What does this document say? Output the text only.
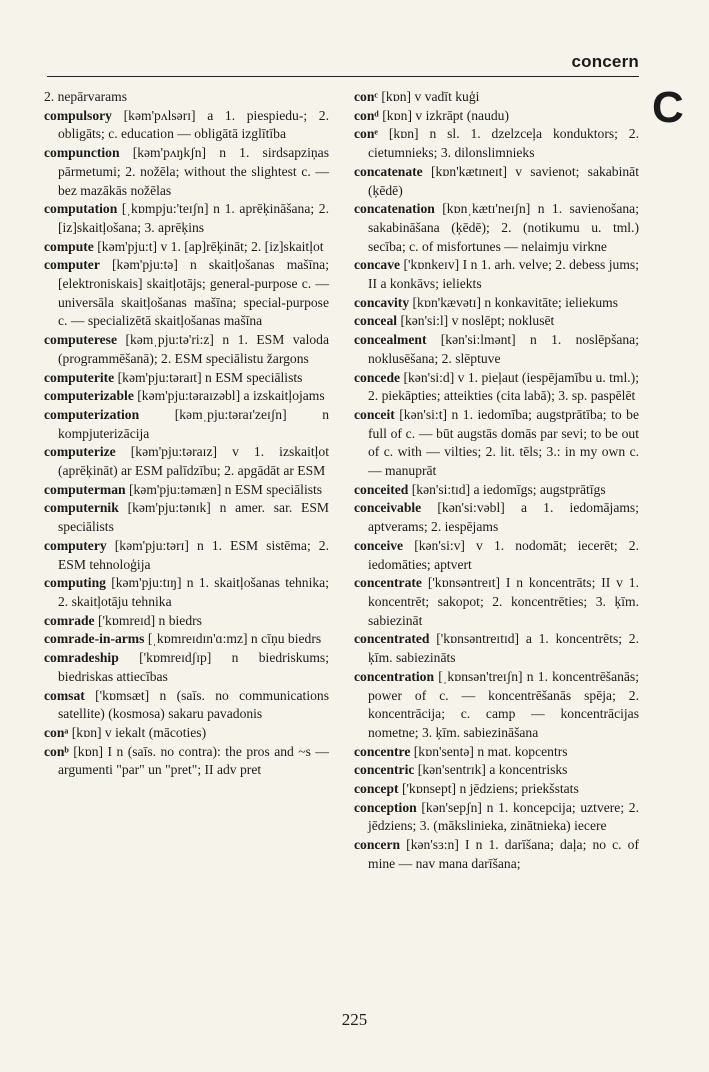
concern
C

2. nepārvarams

compulsory [kəm'pʌlsərɪ] a 1. piespiedu-; 2. obligāts; c. education — obligātā izglītība

compunction [kəm'pʌŋkʃn] n 1. sirdsapziņas pārmetumi; 2. nožēla; without the slightest c. — bez mazākās nožēlas

computation [ˌkɒmpju:'teɪʃn] n 1. aprēķināšana; 2. [iz]skaitļošana; 3. aprēķins

compute [kəm'pju:t] v 1. [ap]rēķināt; 2. [iz]skaitļot

computer [kəm'pju:tə] n skaitļošanas mašīna; [elektroniskais] skaitļotājs; general-purpose c. — universāla skaitļošanas mašīna; special-purpose c. — specializētā skaitļošanas mašīna

computerese [kəmˌpju:tə'ri:z] n 1. ESM valoda (programmēšanā); 2. ESM speciālistu žargons

computerite [kəm'pju:təraɪt] n ESM speciālists

computerizable [kəm'pju:təraɪzəbl] a izskaitļojams

computerization	[kəmˌpju:təraɪ'zeɪʃn] n kompjuterizācija

computerize [kəm'pju:təraɪz] v 1. izskaitļot (aprēķināt) ar ESM palīdzību; 2. apgādāt ar ESM

computerman [kəm'pju:təmæn] n ESM speciālists

computernik [kəm'pju:tənɪk] n amer. sar. ESM speciālists

computery [kəm'pju:tərɪ] n 1. ESM sistēma; 2. ESM tehnoloģija

computing [kəm'pju:tɪŋ] n 1. skaitļošanas tehnika; 2. skaitļotāju tehnika

comrade ['kɒmreɪd] n biedrs

comrade-in-arms [ˌkɒmreɪdɪn'ɑ:mz] n cīņu biedrs

comradeship ['kɒmreɪdʃɪp] n biedriskums; biedriskas attiecības

comsat ['kɒmsæt] n (saīs. no communications satellite) (kosmosa) sakaru pavadonis

conᵃ [kɒn] v iekalt (mācoties)

conᵇ [kɒn] I n (saīs. no contra): the pros and ~s — argumenti "par" un "pret"; II adv pret

conᶜ [kɒn] v vadīt kuģi

conᵈ [kɒn] v izkrāpt (naudu)

conᵉ [kɒn] n sl. 1. dzelzceļa konduktors; 2. cietumnieks; 3. dilonslimnieks

concatenate [kɒn'kætɪneɪt] v savienot; sakabināt (ķēdē)

concatenation [kɒnˌkætɪ'neɪʃn] n 1. savienošana; sakabināšana (ķēdē); 2. (notikumu u. tml.) secība; c. of misfortunes — nelaimju virkne

concave ['kɒnkeɪv] I n 1. arh. velve; 2. debess jums; II a konkāvs; ieliekts

concavity [kɒn'kævətɪ] n konkavitāte; ieliekums

conceal [kən'si:l] v noslēpt; noklusēt

concealment [kən'si:lmənt] n 1. noslēpšana; noklusēšana; 2. slēptuve

concede [kən'si:d] v 1. pieļaut (iespējamību u. tml.); 2. piekāpties; atteikties (cita labā); 3. sp. paspēlēt

conceit [kən'si:t] n 1. iedomība; augstprātība; to be full of c. — būt augstās domās par sevi; to be out of c. with — vilties; 2. lit. tēls; 3.: in my own c. — manuprāt

conceited [kən'si:tɪd] a iedomīgs; augstprātīgs

conceivable [kən'si:vəbl] a 1. iedomājams; aptverams; 2. iespējams

conceive [kən'si:v] v 1. nodomāt; iecerēt; 2. iedomāties; aptvert

concentrate ['kɒnsəntreɪt] I n koncentrāts; II v 1. koncentrēt; sakopot; 2. koncentrēties; 3. ķīm. sabiezināt

concentrated ['kɒnsəntreɪtɪd] a 1. koncentrēts; 2. ķīm. sabiezināts

concentration [ˌkɒnsən'treɪʃn] n 1. koncentrēšanās; power of c. — koncentrēšanās spēja; 2. koncentrācija; c. camp — koncentrācijas nometne; 3. ķīm. sabiezināšana

concentre [kɒn'sentə] n mat. kopcentrs

concentric [kən'sentrɪk] a koncentrisks

concept ['kɒnsept] n jēdziens; priekšstats

conception [kən'sepʃn] n 1. koncepcija; uztvere; 2. jēdziens; 3. (mākslinieka, zinātnieka) iecere

concern [kən'sɜ:n] I n 1. darīšana; daļa; no c. of mine — nav mana darīšana;

225
